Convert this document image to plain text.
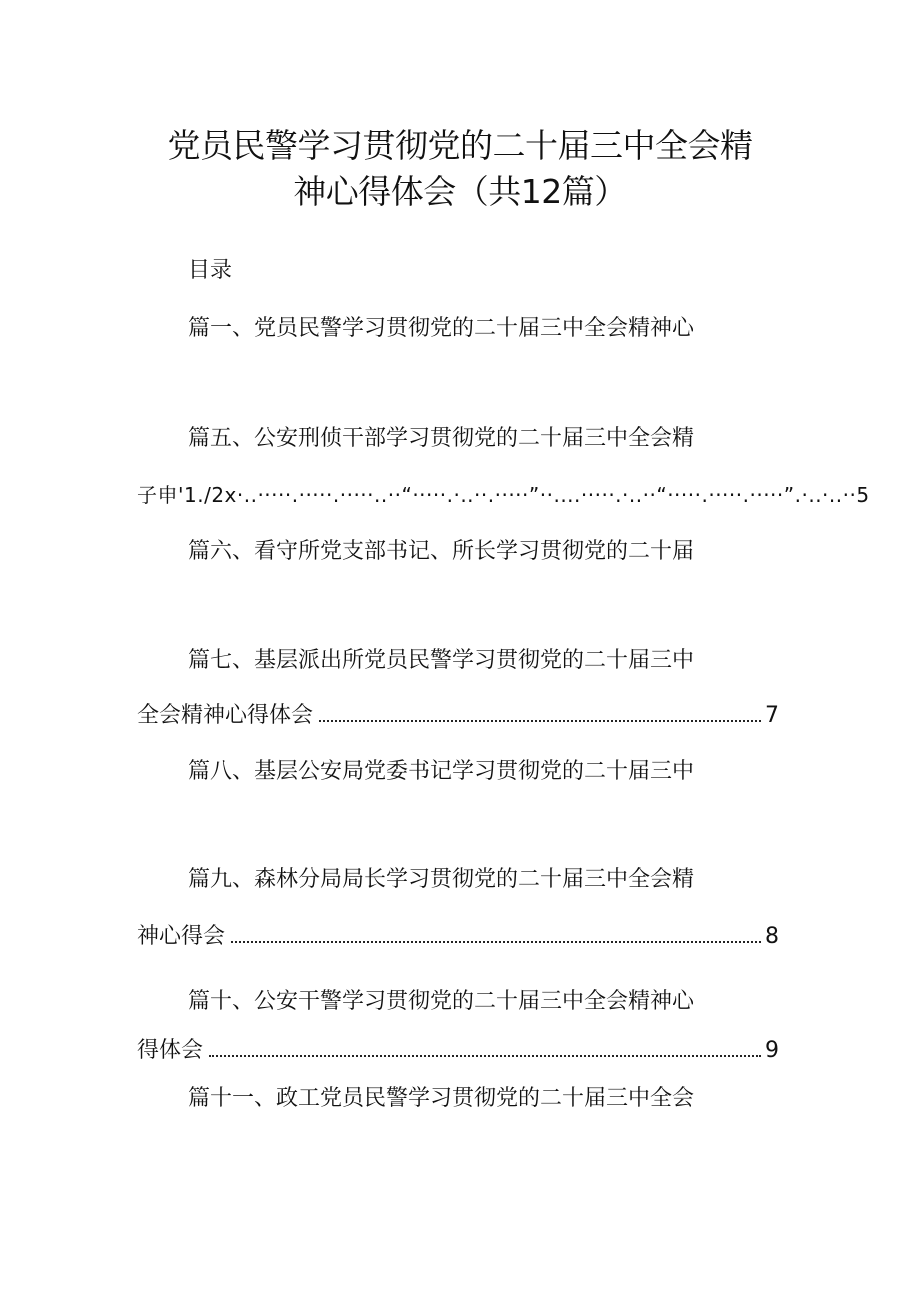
党员民警学习贯彻党的二十届三中全会精
神心得体会（共12篇）
目录
篇一、党员民警学习贯彻党的二十届三中全会精神心
篇五、公安刑侦干部学习贯彻党的二十届三中全会精
子申'1./2x·..·····.·····.·····..··“·····.·..··.·····”··....·····.·..··“·····.·····.·····”.·..·..··5
篇六、看守所党支部书记、所长学习贯彻党的二十届
篇七、基层派出所党员民警学习贯彻党的二十届三中
全会精神心得体会	7
篇八、基层公安局党委书记学习贯彻党的二十届三中
篇九、森林分局局长学习贯彻党的二十届三中全会精
神心得会	8
篇十、公安干警学习贯彻党的二十届三中全会精神心
得体会	9
篇十一、政工党员民警学习贯彻党的二十届三中全会
